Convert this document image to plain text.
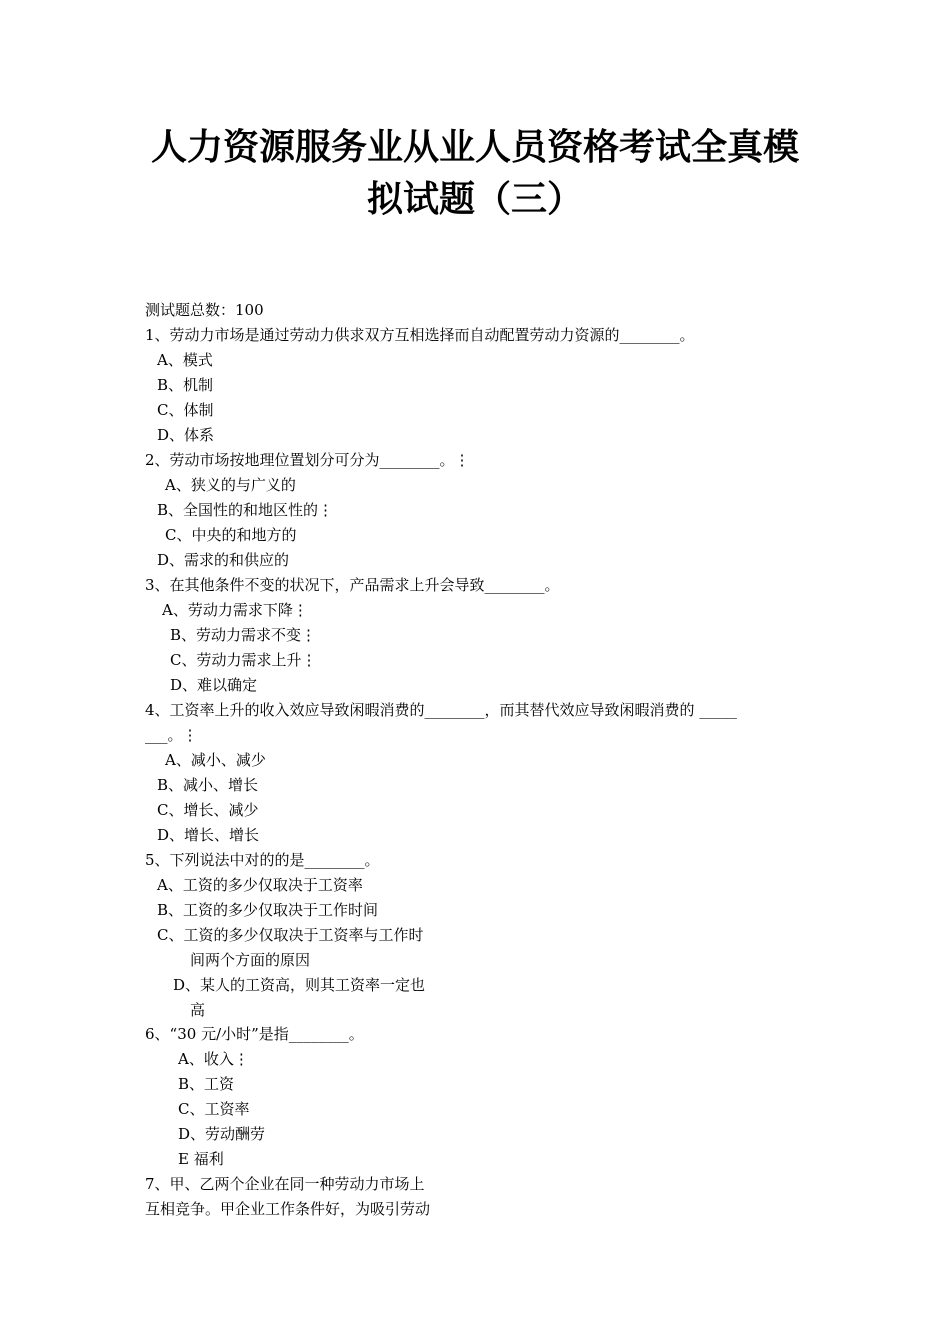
人力资源服务业从业人员资格考试全真模
拟试题（三）
测试题总数：100
1、劳动力市场是通过劳动力供求双方互相选择而自动配置劳动力资源的________。
A、模式
B、机制
C、体制
D、体系
2、劳动市场按地理位置划分可分为________。⋮
A、狭义的与广义的
B、全国性的和地区性的⋮
C、中央的和地方的
D、需求的和供应的
3、在其他条件不变的状况下，产品需求上升会导致________。
A、劳动力需求下降⋮
B、劳动力需求不变⋮
C、劳动力需求上升⋮
D、难以确定
4、工资率上升的收入效应导致闲暇消费的________，而其替代效应导致闲暇消费的 _____
___。⋮
A、减小、减少
B、减小、增长
C、增长、减少
D、增长、增长
5、下列说法中对的的是________。
A、工资的多少仅取决于工资率
B、工资的多少仅取决于工作时间
C、工资的多少仅取决于工资率与工作时
间两个方面的原因
D、某人的工资高，则其工资率一定也
高
6、“30 元/小时”是指________。
A、收入⋮
B、工资
C、工资率
D、劳动酬劳
E 福利
7、甲、乙两个企业在同一种劳动力市场上
互相竞争。甲企业工作条件好，为吸引劳动
